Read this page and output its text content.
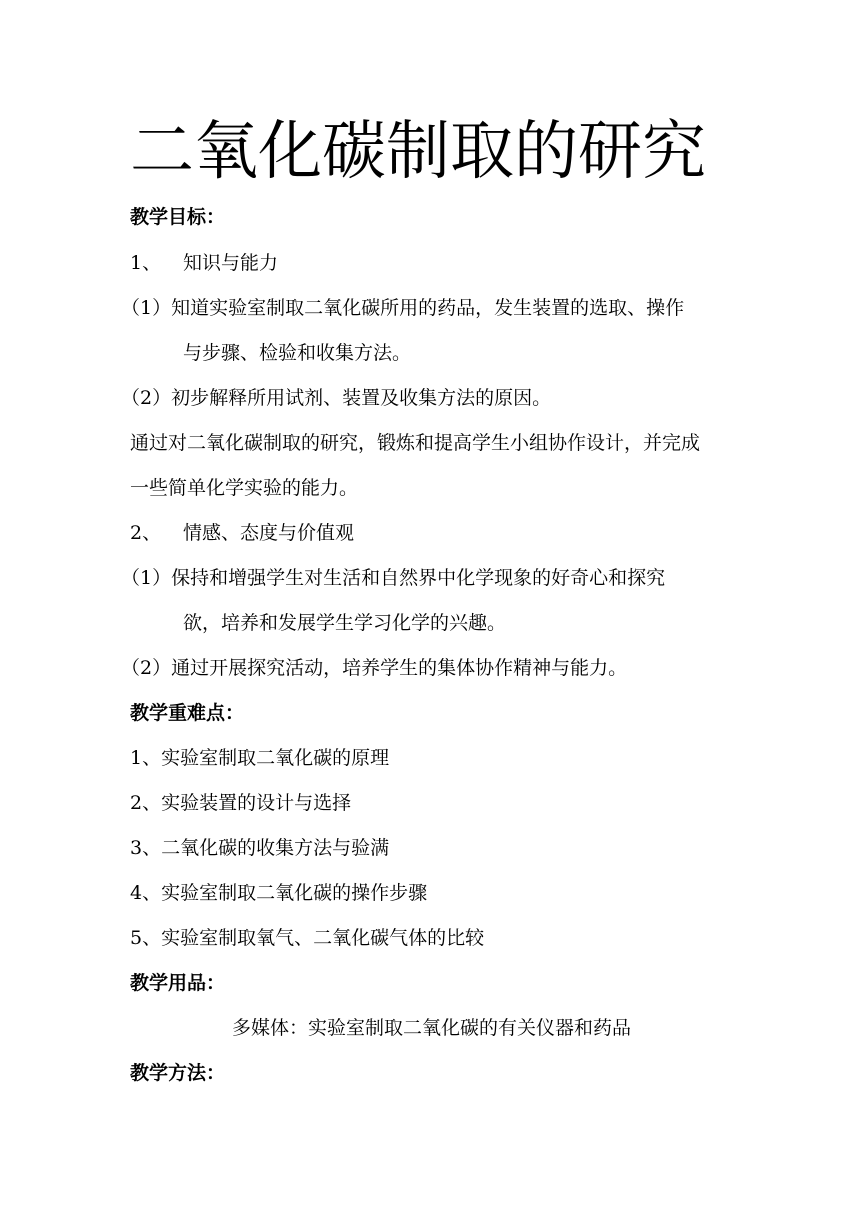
二氧化碳制取的研究
教学目标：
1、 知识与能力
（1）知道实验室制取二氧化碳所用的药品，发生装置的选取、操作
与步骤、检验和收集方法。
（2）初步解释所用试剂、装置及收集方法的原因。
通过对二氧化碳制取的研究，锻炼和提高学生小组协作设计，并完成
一些简单化学实验的能力。
2、 情感、态度与价值观
（1）保持和增强学生对生活和自然界中化学现象的好奇心和探究
欲，培养和发展学生学习化学的兴趣。
（2）通过开展探究活动，培养学生的集体协作精神与能力。
教学重难点：
1、实验室制取二氧化碳的原理
2、实验装置的设计与选择
3、二氧化碳的收集方法与验满
4、实验室制取二氧化碳的操作步骤
5、实验室制取氧气、二氧化碳气体的比较
教学用品：
多媒体：实验室制取二氧化碳的有关仪器和药品
教学方法：
